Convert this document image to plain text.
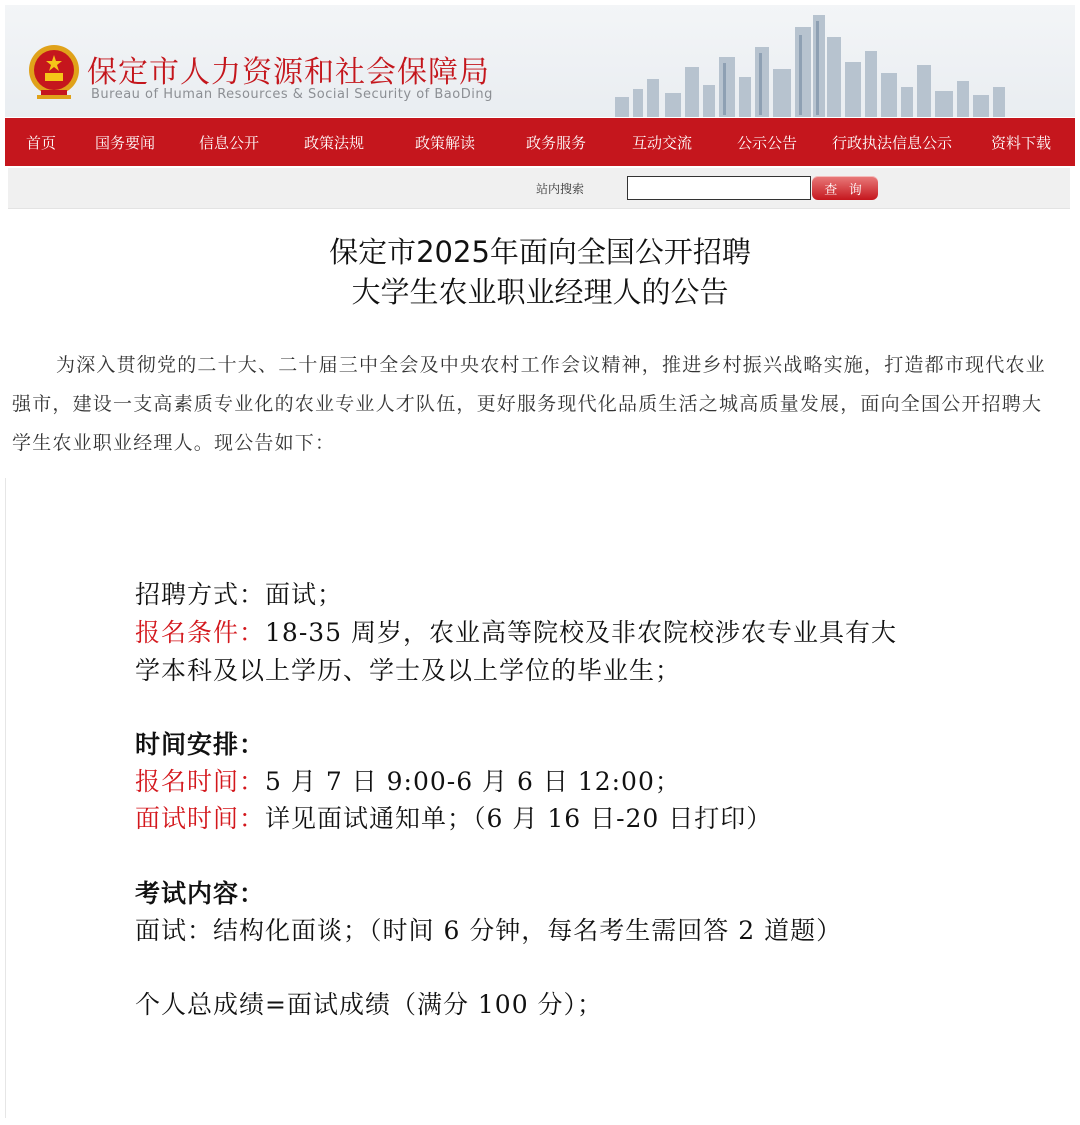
保定市人力资源和社会保障局
Bureau of Human Resources & Social Security of BaoDing
首页	国务要闻	信息公开	政策法规	政策解读	政务服务	互动交流	公示公告	行政执法信息公示	资料下载
站内搜索	查 询
保定市2025年面向全国公开招聘
大学生农业职业经理人的公告

为深入贯彻党的二十大、二十届三中全会及中央农村工作会议精神，推进乡村振兴战略实施，打造都市现代农业强市，建设一支高素质专业化的农业专业人才队伍，更好服务现代化品质生活之城高质量发展，面向全国公开招聘大学生农业职业经理人。现公告如下：

招聘方式：面试；
报名条件：18-35 周岁，农业高等院校及非农院校涉农专业具有大
学本科及以上学历、学士及以上学位的毕业生；
时间安排：
报名时间：5 月 7 日 9:00-6 月 6 日 12:00；
面试时间：详见面试通知单；（6 月 16 日-20 日打印）
考试内容：
面试：结构化面谈；（时间 6 分钟，每名考生需回答 2 道题）
个人总成绩=面试成绩（满分 100 分）；
